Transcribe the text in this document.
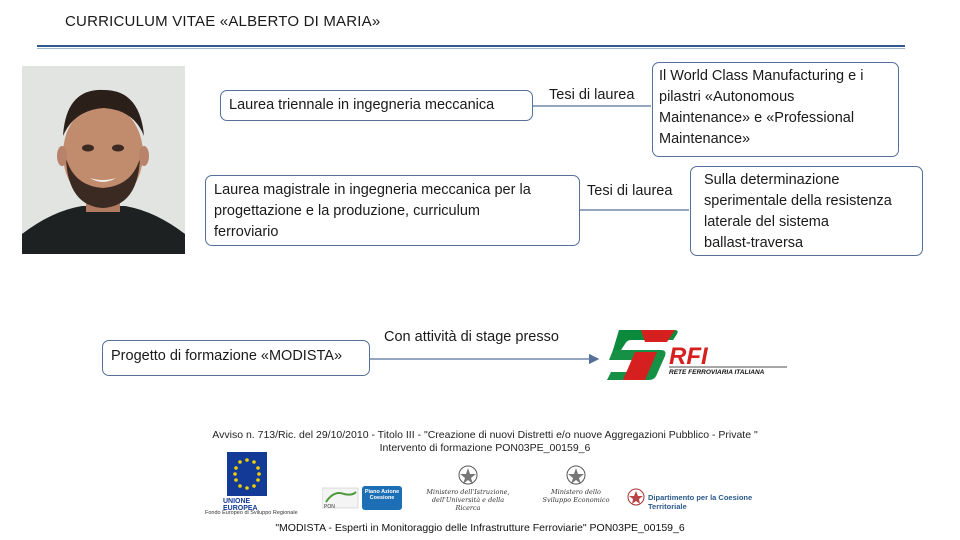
CURRICULUM VITAE «ALBERTO DI MARIA»
Laurea triennale in ingegneria meccanica
Tesi di laurea
Il World Class Manufacturing e i
pilastri «Autonomous
Maintenance» e «Professional
Maintenance»
Laurea magistrale in ingegneria meccanica per la
progettazione e la produzione, curriculum
ferroviario
Tesi di laurea
Sulla determinazione
sperimentale della resistenza
laterale del sistema
ballast-traversa
Progetto di formazione «MODISTA»
Con attività di stage presso
RFI
RETE FERROVIARIA ITALIANA
Avviso n. 713/Ric. del 29/10/2010 - Titolo III - "Creazione di nuovi Distretti e/o nuove Aggregazioni Pubblico - Private "
Intervento di formazione PON03PE_00159_6
UNIONE EUROPEA
Fondo Europeo di Sviluppo Regionale
PON
Piano Azione Coesione
Ministero dell'Istruzione, dell'Università e della Ricerca
Ministero dello Sviluppo Economico	Dipartimento per la Coesione Territoriale
"MODISTA - Esperti in Monitoraggio delle Infrastrutture Ferroviarie" PON03PE_00159_6
